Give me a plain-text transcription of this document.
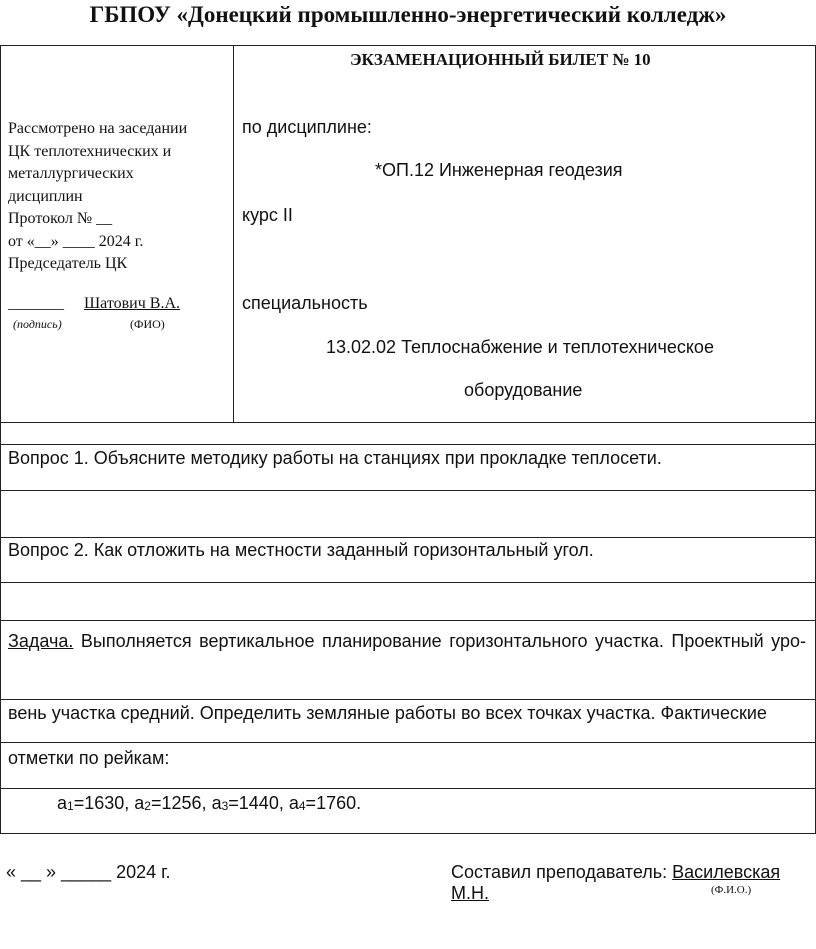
ГБПОУ «Донецкий промышленно-энергетический колледж»
Рассмотрено на заседании
ЦК теплотехнических и
металлургических
дисциплин
Протокол № __
от «__» ____ 2024 г.
Председатель ЦК
_______ Шатович В.А.
(подпись)	(ФИО)
ЭКЗАМЕНАЦИОННЫЙ БИЛЕТ № 10
по дисциплине:
*ОП.12 Инженерная геодезия
курс II
специальность
13.02.02 Теплоснабжение и теплотехническое
оборудование
Вопрос 1. Объясните методику работы на станциях при прокладке теплосети.
Вопрос 2. Как отложить на местности заданный горизонтальный угол.
Задача. Выполняется вертикальное планирование горизонтального участка. Проектный уро-
вень участка средний. Определить земляные работы во всех точках участка. Фактические
отметки по рейкам:
$a_1=1630$, $a_2=1256$, $a_3=1440$, $a_4=1760$.
« __ » _____ 2024 г.	Составил преподаватель: Василевская М.Н.	(Ф.И.О.)
